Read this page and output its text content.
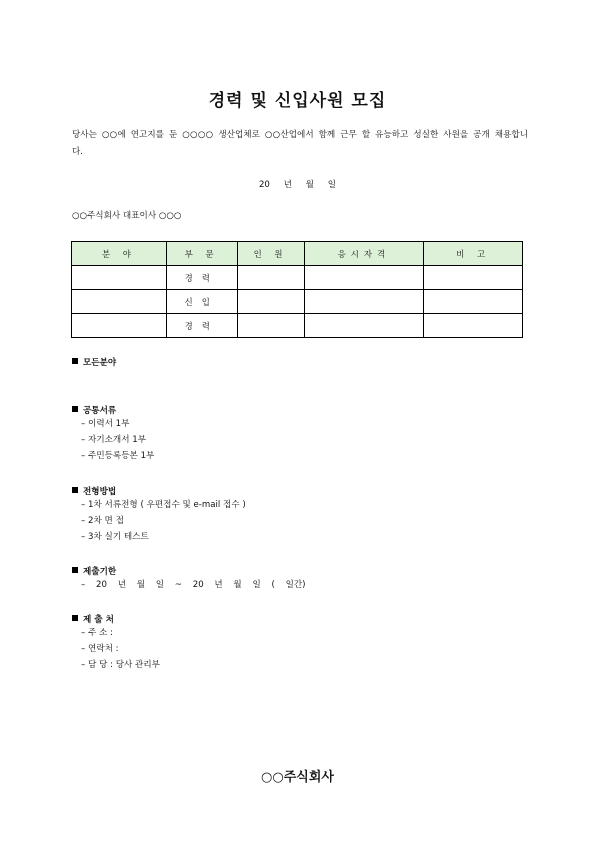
경력 및 신입사원 모집
당사는 ○○에 연고지를 둔 ○○○○ 생산업체로 ○○산업에서 함께 근무 할 유능하고 성실한 사원을 공개 채용합니다.
20 년 월 일
○○주식회사 대표이사 ○○○
분 야	부 문	인 원	응시자격	비 고
	경력			
	신입			
	경력			
모든분야
공통서류
– 이력서 1부
– 자기소개서 1부
– 주민등록등본 1부
전형방법
– 1차 서류전형 ( 우편접수 및 e-mail 접수 )
– 2차 면 접
– 3차 실기 테스트
제출기한
– 20 년 월 일 ~ 20 년 월 일 ( 일간)
제 출 처
– 주 소 :
– 연락처 :
– 담 당 : 당사 관리부
○○주식회사
